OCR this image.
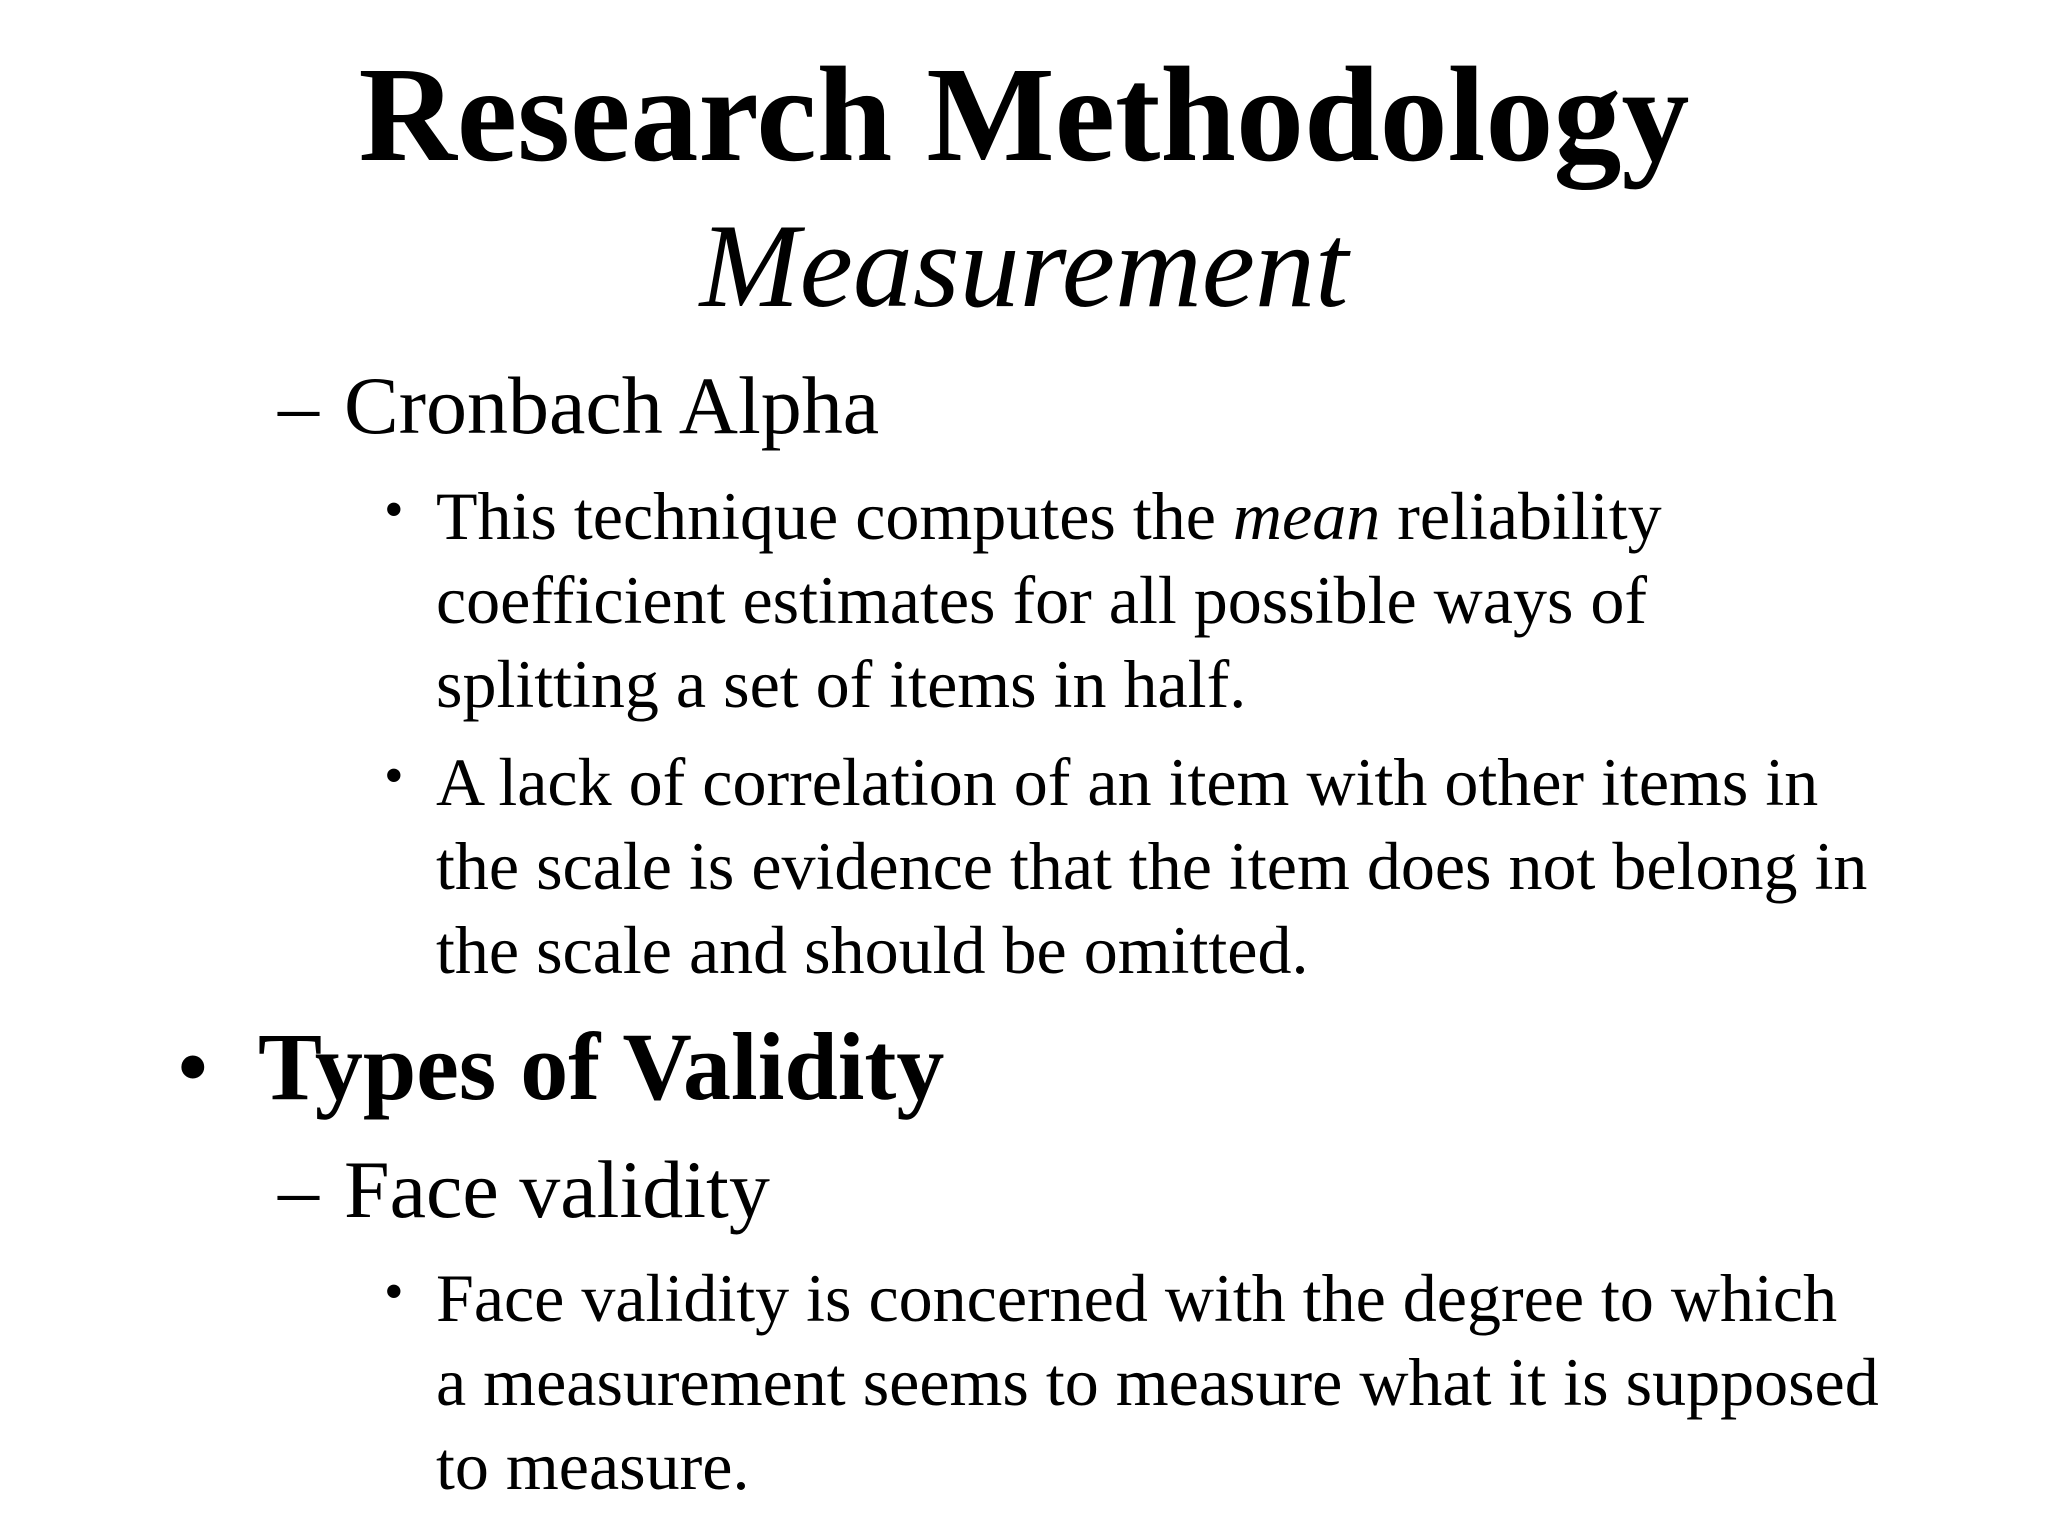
Research Methodology
Measurement
– Cronbach Alpha
• This technique computes the mean reliability coefficient estimates for all possible ways of splitting a set of items in half.
• A lack of correlation of an item with other items in the scale is evidence that the item does not belong in the scale and should be omitted.
• Types of Validity
– Face validity
• Face validity is concerned with the degree to which a measurement seems to measure what it is supposed to measure.
